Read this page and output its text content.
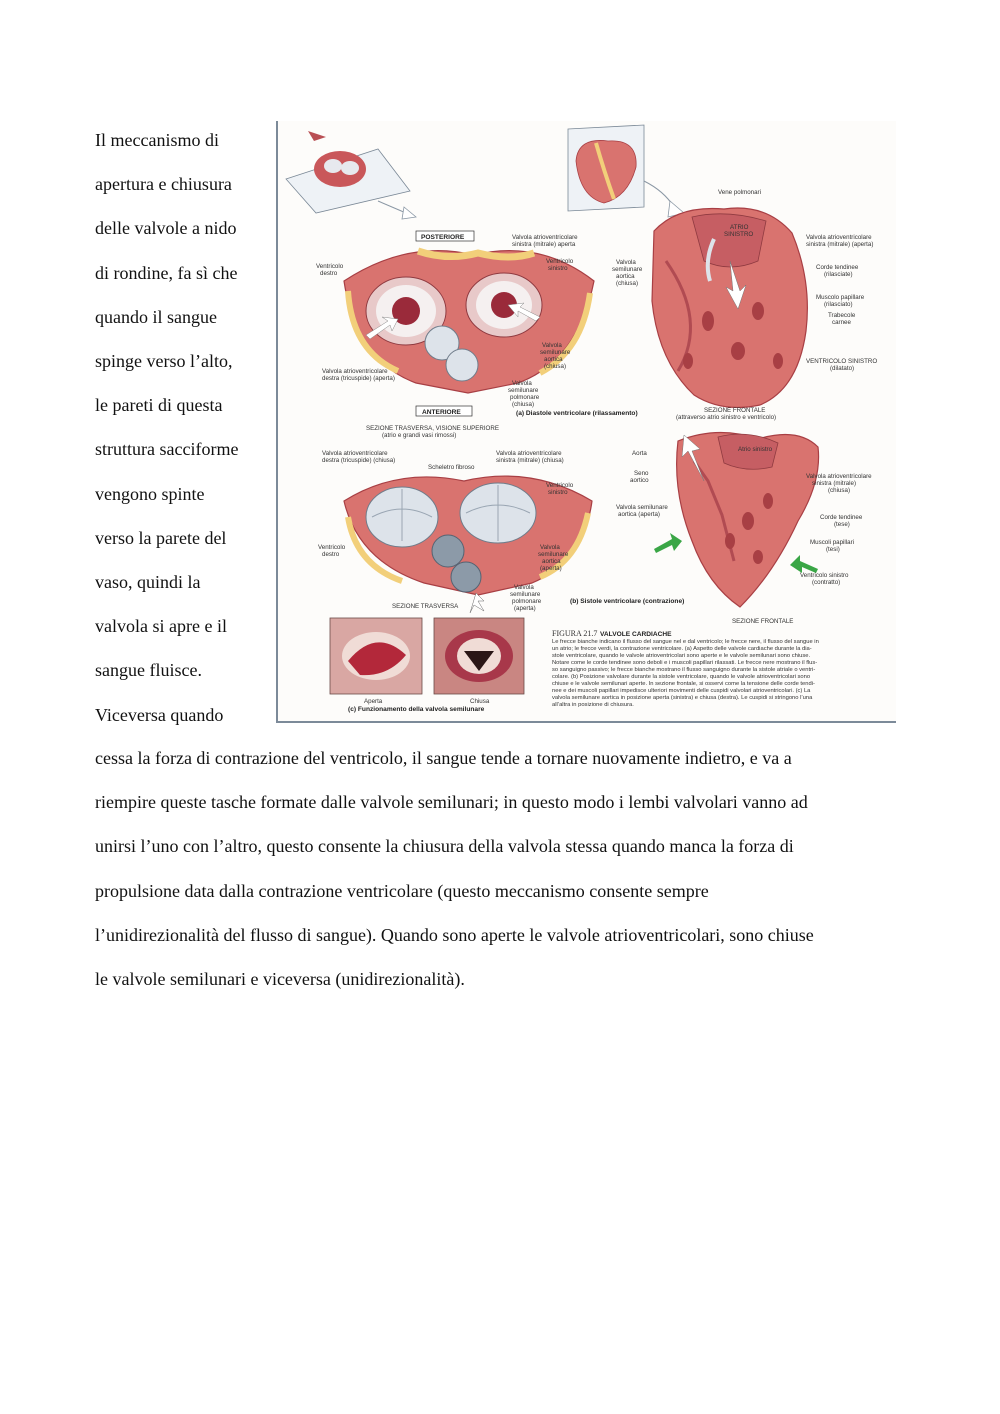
Il meccanismo di
apertura e chiusura
delle valvole a nido
di rondine, fa sì che
quando il sangue
spinge verso l’alto,
le pareti di questa
struttura sacciforme
vengono spinte
verso la parete del
vaso, quindi la
valvola si apre e il
sangue fluisce.
Viceversa quando
POSTERIORE
ANTERIORE
Valvola atrioventricolare
sinistra (mitrale) aperta
Ventricolo
sinistro
Ventricolo
destro
Valvola
semilunare
aortica
(chiusa)
Valvola atrioventricolare
destra (tricuspide) (aperta)
Valvola
semilunare
polmonare
(chiusa)
SEZIONE TRASVERSA, VISIONE SUPERIORE
(atrio e grandi vasi rimossi)
(a) Diastole ventricolare (rilassamento)
Vene polmonari
ATRIO
SINISTRO	Valvola atrioventricolare
sinistra (mitrale) (aperta)
Valvola
semilunare
aortica
(chiusa)
Corde tendinee
(rilasciate)
Muscolo papillare
(rilasciato)
Trabecole
carnee
VENTRICOLO SINISTRO
(dilatato)
SEZIONE FRONTALE
(attraverso atrio sinistro e ventricolo)
Valvola atrioventricolare
destra (tricuspide) (chiusa)
Scheletro fibroso
Valvola atrioventricolare
sinistra (mitrale) (chiusa)
Ventricolo
sinistro
Ventricolo
destro
Valvola
semilunare
aortica
(aperta)
Valvola
semilunare
polmonare
(aperta)
SEZIONE TRASVERSA
(b) Sistole ventricolare (contrazione)
Aorta
Atrio sinistro
Seno
aortico
Valvola semilunare
aortica (aperta)
Valvola atrioventricolare
sinistra (mitrale)
(chiusa)
Corde tendinee
(tese)
Muscoli papillari
(tesi)
Ventricolo sinistro
(contratto)
SEZIONE FRONTALE
Aperta	Chiusa
(c) Funzionamento della valvola semilunare
FIGURA 21.7 VALVOLE CARDIACHE
Le frecce bianche indicano il flusso del sangue nel e dal ventricolo; le frecce nere, il flusso del sangue in
un atrio; le frecce verdi, la contrazione ventricolare. (a) Aspetto delle valvole cardiache durante la dia-
stole ventricolare, quando le valvole atrioventricolari sono aperte e le valvole semilunari sono chiuse.
Notare come le corde tendinee sono deboli e i muscoli papillari rilassati. Le frecce nere mostrano il flus-
so sanguigno passivo; le frecce bianche mostrano il flusso sanguigno durante la sistole atriale o ventri-
colare. (b) Posizione valvolare durante la sistole ventricolare, quando le valvole atrioventricolari sono
chiuse e le valvole semilunari aperte. In sezione frontale, si osservi come la tensione delle corde tendi-
nee e dei muscoli papillari impedisce ulteriori movimenti delle cuspidi valvolari atrioventricolari. (c) La
valvola semilunare aortica in posizione aperta (sinistra) e chiusa (destra). Le cuspidi si stringono l’una
all’altra in posizione di chiusura.
cessa la forza di contrazione del ventricolo, il sangue tende a tornare nuovamente indietro, e va a
riempire queste tasche formate dalle valvole semilunari; in questo modo i lembi valvolari vanno ad
unirsi l’uno con l’altro, questo consente la chiusura della valvola stessa quando manca la forza di
propulsione data dalla contrazione ventricolare (questo meccanismo consente sempre
l’unidirezionalità del flusso di sangue). Quando sono aperte le valvole atrioventricolari, sono chiuse
le valvole semilunari e viceversa (unidirezionalità).
